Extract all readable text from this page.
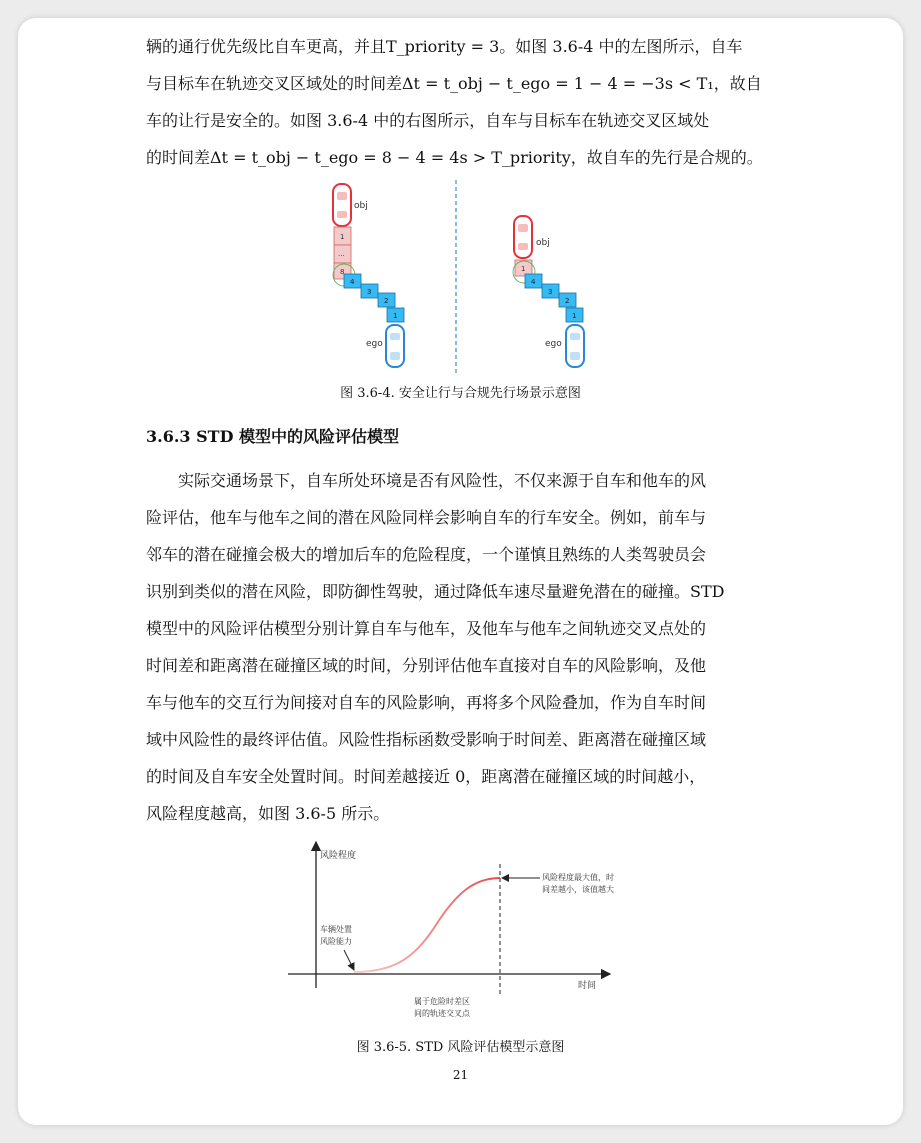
辆的通行优先级比自车更高，并且T_priority = 3。如图 3.6-4 中的左图所示，自车
与目标车在轨迹交叉区域处的时间差Δt = t_obj − t_ego = 1 − 4 = −3s < T₁，故自
车的让行是安全的。如图 3.6-4 中的右图所示，自车与目标车在轨迹交叉区域处
的时间差Δt = t_obj − t_ego = 8 − 4 = 4s > T_priority，故自车的先行是合规的。

obj
1
...
8
4
3
2
1
ego
obj
1
4
3
2
1
ego
图 3.6-4. 安全让行与合规先行场景示意图
3.6.3 STD 模型中的风险评估模型

　　实际交通场景下，自车所处环境是否有风险性，不仅来源于自车和他车的风
险评估，他车与他车之间的潜在风险同样会影响自车的行车安全。例如，前车与
邻车的潜在碰撞会极大的增加后车的危险程度，一个谨慎且熟练的人类驾驶员会
识别到类似的潜在风险，即防御性驾驶，通过降低车速尽量避免潜在的碰撞。STD
模型中的风险评估模型分别计算自车与他车，及他车与他车之间轨迹交叉点处的
时间差和距离潜在碰撞区域的时间，分别评估他车直接对自车的风险影响，及他
车与他车的交互行为间接对自车的风险影响，再将多个风险叠加，作为自车时间
域中风险性的最终评估值。风险性指标函数受影响于时间差、距离潜在碰撞区域
的时间及自车安全处置时间。时间差越接近 0，距离潜在碰撞区域的时间越小，
风险程度越高，如图 3.6-5 所示。

风险程度
时间
风险程度最大值，时
间差越小，该值越大
车辆处置
风险能力
属于危险时差区
间的轨迹交叉点
图 3.6-5. STD 风险评估模型示意图
21
